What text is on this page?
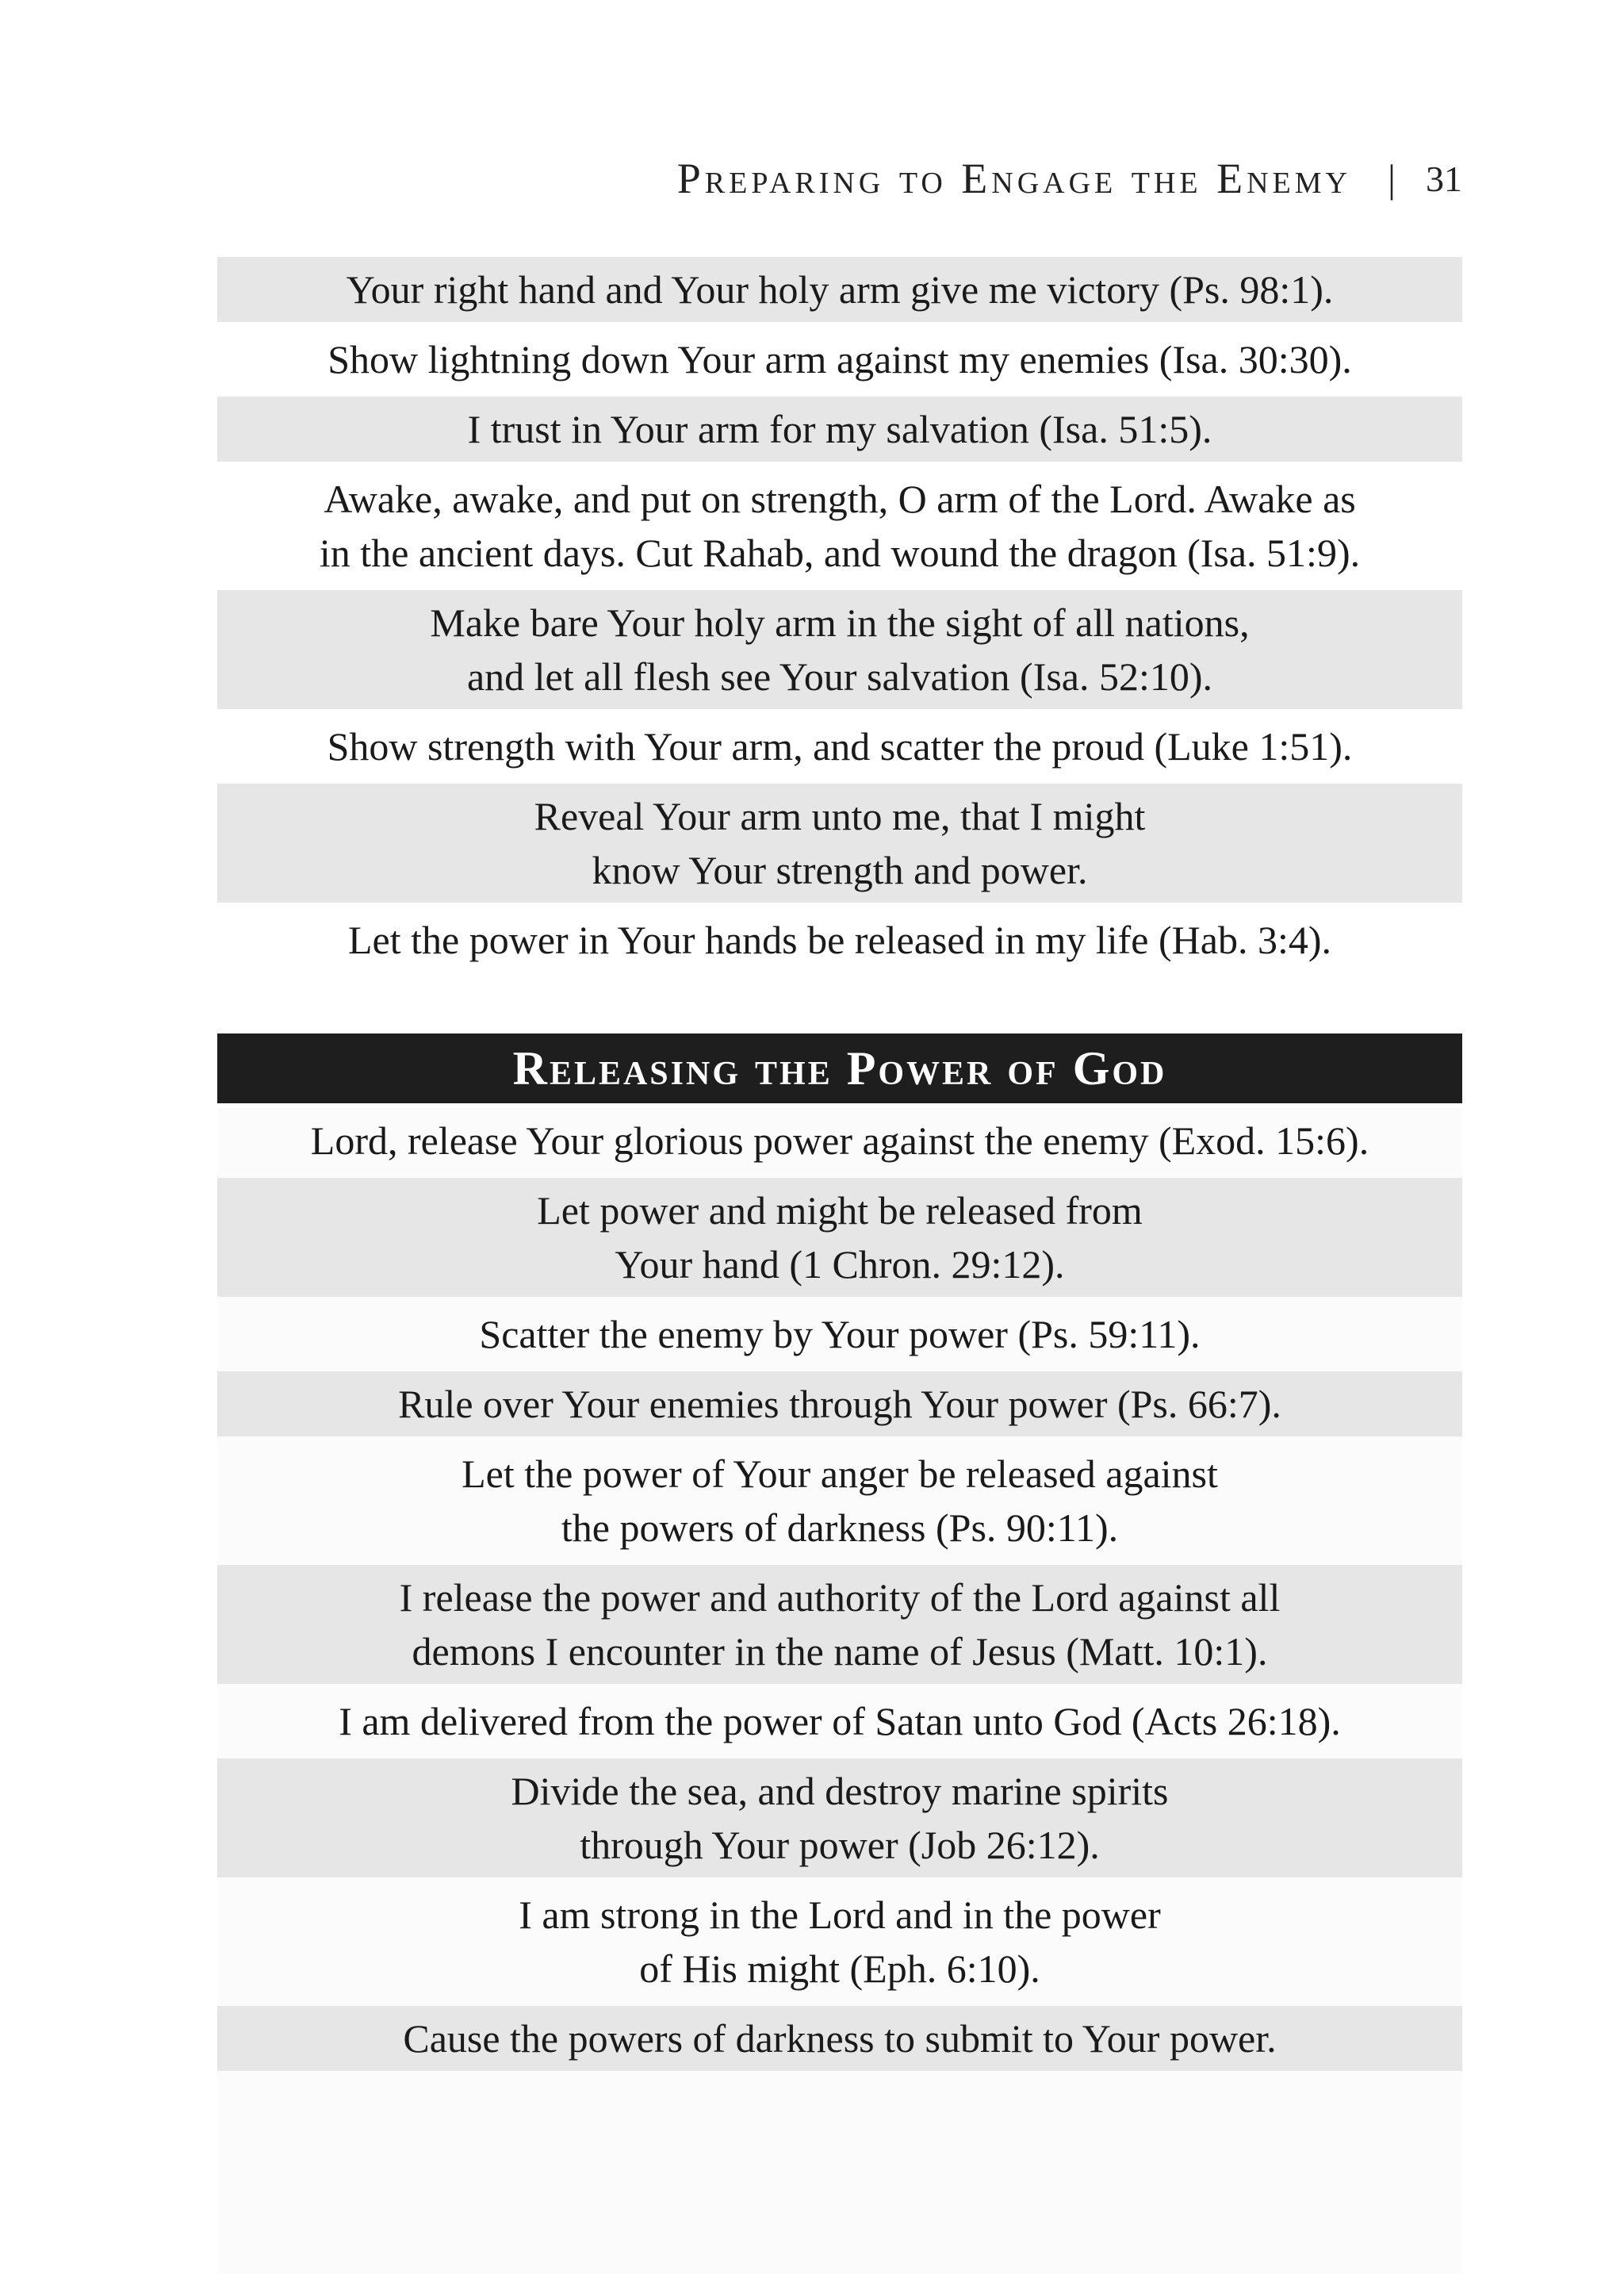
Preparing to Engage the Enemy | 31
Your right hand and Your holy arm give me victory (Ps. 98:1).
Show lightning down Your arm against my enemies (Isa. 30:30).
I trust in Your arm for my salvation (Isa. 51:5).
Awake, awake, and put on strength, O arm of the Lord. Awake as
in the ancient days. Cut Rahab, and wound the dragon (Isa. 51:9).
Make bare Your holy arm in the sight of all nations,
and let all flesh see Your salvation (Isa. 52:10).
Show strength with Your arm, and scatter the proud (Luke 1:51).
Reveal Your arm unto me, that I might
know Your strength and power.
Let the power in Your hands be released in my life (Hab. 3:4).
Releasing the Power of God
Lord, release Your glorious power against the enemy (Exod. 15:6).
Let power and might be released from
Your hand (1 Chron. 29:12).
Scatter the enemy by Your power (Ps. 59:11).
Rule over Your enemies through Your power (Ps. 66:7).
Let the power of Your anger be released against
the powers of darkness (Ps. 90:11).
I release the power and authority of the Lord against all
demons I encounter in the name of Jesus (Matt. 10:1).
I am delivered from the power of Satan unto God (Acts 26:18).
Divide the sea, and destroy marine spirits
through Your power (Job 26:12).
I am strong in the Lord and in the power
of His might (Eph. 6:10).
Cause the powers of darkness to submit to Your power.
